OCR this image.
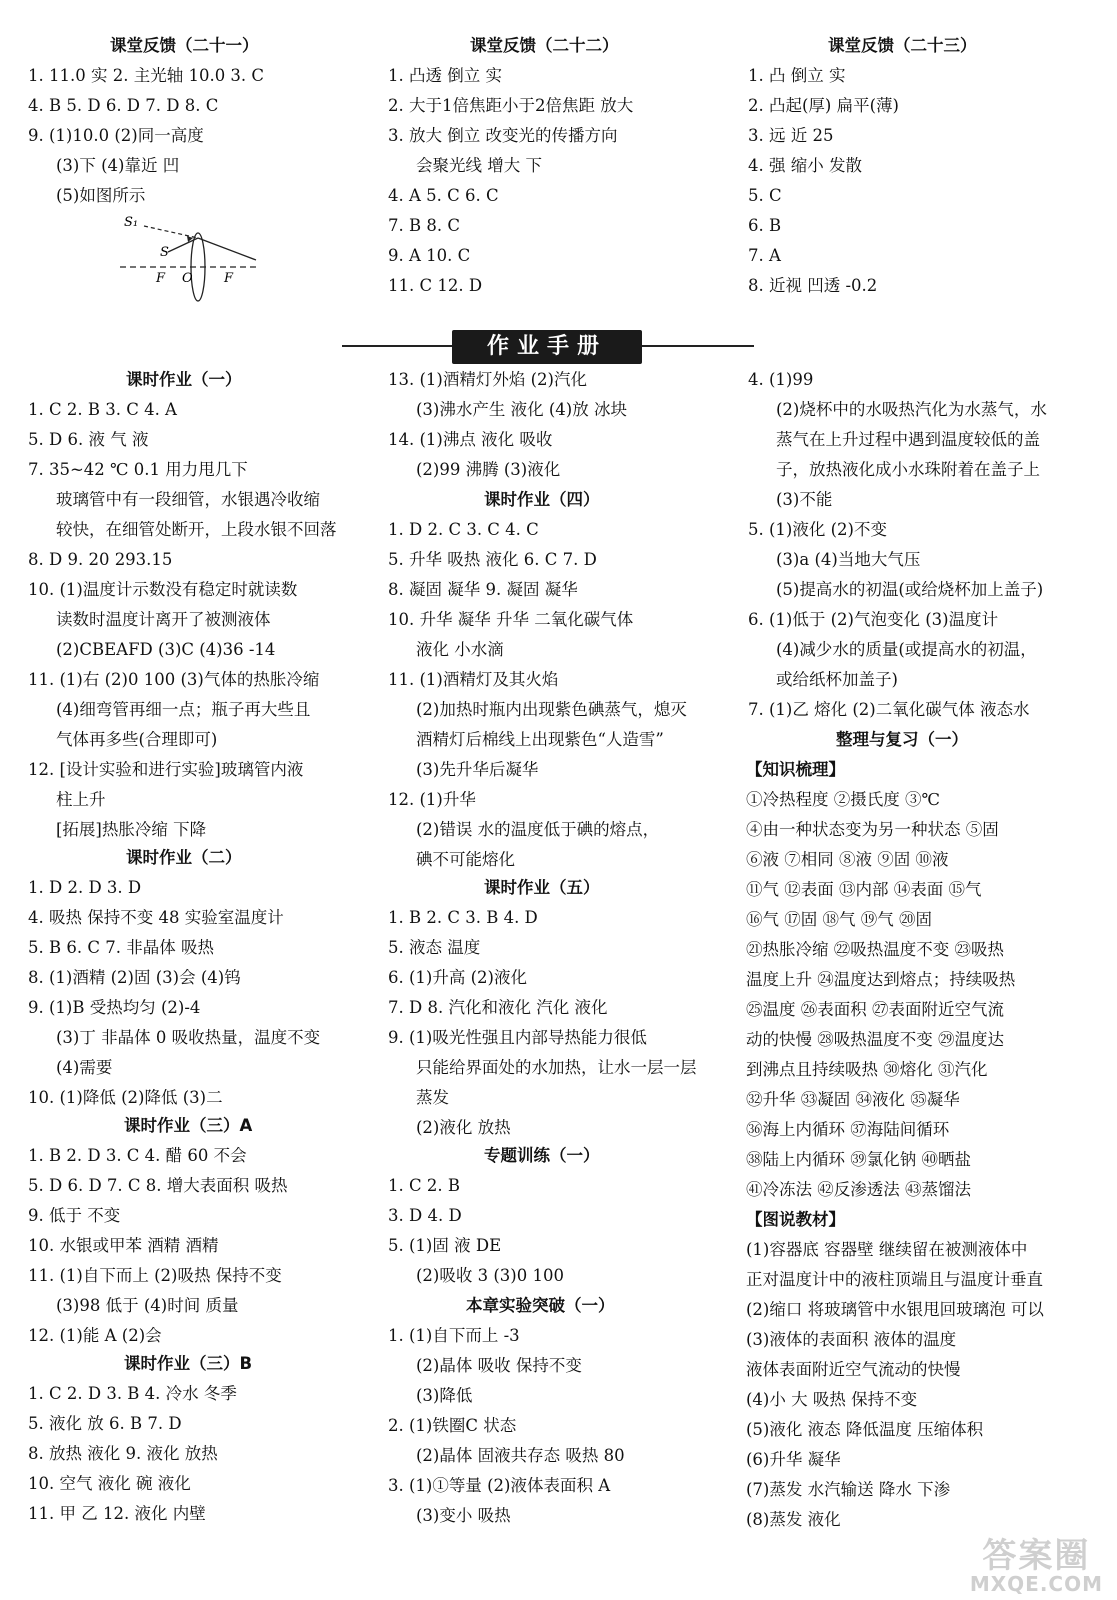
课堂反馈（二十一）
1. 11.0 实 2. 主光轴 10.0 3. C
4. B 5. D 6. D 7. D 8. C
9. (1)10.0 (2)同一高度
(3)下 (4)靠近 凹
(5)如图所示
S₁
S
F O F
课时作业（一）
1. C 2. B 3. C 4. A
5. D 6. 液 气 液
7. 35~42 ℃ 0.1 用力甩几下
玻璃管中有一段细管，水银遇冷收缩
较快，在细管处断开，上段水银不回落
8. D 9. 20 293.15
10. (1)温度计示数没有稳定时就读数
读数时温度计离开了被测液体
(2)CBEAFD (3)C (4)36 -14
11. (1)右 (2)0 100 (3)气体的热胀冷缩
(4)细弯管再细一点；瓶子再大些且
气体再多些(合理即可)
12. [设计实验和进行实验]玻璃管内液
柱上升
[拓展]热胀冷缩 下降
课时作业（二）
1. D 2. D 3. D
4. 吸热 保持不变 48 实验室温度计
5. B 6. C 7. 非晶体 吸热
8. (1)酒精 (2)固 (3)会 (4)钨
9. (1)B 受热均匀 (2)-4
(3)丁 非晶体 0 吸收热量，温度不变
(4)需要
10. (1)降低 (2)降低 (3)二
课时作业（三）A
1. B 2. D 3. C 4. 醋 60 不会
5. D 6. D 7. C 8. 增大表面积 吸热
9. 低于 不变
10. 水银或甲苯 酒精 酒精
11. (1)自下而上 (2)吸热 保持不变
(3)98 低于 (4)时间 质量
12. (1)能 A (2)会
课时作业（三）B
1. C 2. D 3. B 4. 冷水 冬季
5. 液化 放 6. B 7. D
8. 放热 液化 9. 液化 放热
10. 空气 液化 碗 液化
11. 甲 乙 12. 液化 内壁
课堂反馈（二十二）
1. 凸透 倒立 实
2. 大于1倍焦距小于2倍焦距 放大
3. 放大 倒立 改变光的传播方向
会聚光线 增大 下
4. A 5. C 6. C
7. B 8. C
9. A 10. C
11. C 12. D
13. (1)酒精灯外焰 (2)汽化
(3)沸水产生 液化 (4)放 冰块
14. (1)沸点 液化 吸收
(2)99 沸腾 (3)液化
课时作业（四）
1. D 2. C 3. C 4. C
5. 升华 吸热 液化 6. C 7. D
8. 凝固 凝华 9. 凝固 凝华
10. 升华 凝华 升华 二氧化碳气体
液化 小水滴
11. (1)酒精灯及其火焰
(2)加热时瓶内出现紫色碘蒸气，熄灭
酒精灯后棉线上出现紫色“人造雪”
(3)先升华后凝华
12. (1)升华
(2)错误 水的温度低于碘的熔点，
碘不可能熔化
课时作业（五）
1. B 2. C 3. B 4. D
5. 液态 温度
6. (1)升高 (2)液化
7. D 8. 汽化和液化 汽化 液化
9. (1)吸光性强且内部导热能力很低
只能给界面处的水加热，让水一层一层
蒸发
(2)液化 放热
专题训练（一）
1. C 2. B
3. D 4. D
5. (1)固 液 DE
(2)吸收 3 (3)0 100
本章实验突破（一）
1. (1)自下而上 -3
(2)晶体 吸收 保持不变
(3)降低
2. (1)铁圈C 状态
(2)晶体 固液共存态 吸热 80
3. (1)①等量 (2)液体表面积 A
(3)变小 吸热
课堂反馈（二十三）
1. 凸 倒立 实
2. 凸起(厚) 扁平(薄)
3. 远 近 25
4. 强 缩小 发散
5. C
6. B
7. A
8. 近视 凹透 -0.2
4. (1)99
(2)烧杯中的水吸热汽化为水蒸气，水
蒸气在上升过程中遇到温度较低的盖
子，放热液化成小水珠附着在盖子上
(3)不能
5. (1)液化 (2)不变
(3)a (4)当地大气压
(5)提高水的初温(或给烧杯加上盖子)
6. (1)低于 (2)气泡变化 (3)温度计
(4)减少水的质量(或提高水的初温，
或给纸杯加盖子)
7. (1)乙 熔化 (2)二氧化碳气体 液态水
整理与复习（一）
【知识梳理】
①冷热程度 ②摄氏度 ③℃
④由一种状态变为另一种状态 ⑤固
⑥液 ⑦相同 ⑧液 ⑨固 ⑩液
⑪气 ⑫表面 ⑬内部 ⑭表面 ⑮气
⑯气 ⑰固 ⑱气 ⑲气 ⑳固
㉑热胀冷缩 ㉒吸热温度不变 ㉓吸热
温度上升 ㉔温度达到熔点；持续吸热
㉕温度 ㉖表面积 ㉗表面附近空气流
动的快慢 ㉘吸热温度不变 ㉙温度达
到沸点且持续吸热 ㉚熔化 ㉛汽化
㉜升华 ㉝凝固 ㉞液化 ㉟凝华
㊱海上内循环 ㊲海陆间循环
㊳陆上内循环 ㊴氯化钠 ㊵晒盐
㊶冷冻法 ㊷反渗透法 ㊸蒸馏法
【图说教材】
(1)容器底 容器壁 继续留在被测液体中
正对温度计中的液柱顶端且与温度计垂直
(2)缩口 将玻璃管中水银甩回玻璃泡 可以
(3)液体的表面积 液体的温度
液体表面附近空气流动的快慢
(4)小 大 吸热 保持不变
(5)液化 液态 降低温度 压缩体积
(6)升华 凝华
(7)蒸发 水汽输送 降水 下渗
(8)蒸发 液化
作业手册
答案圈
MXQE.COM
